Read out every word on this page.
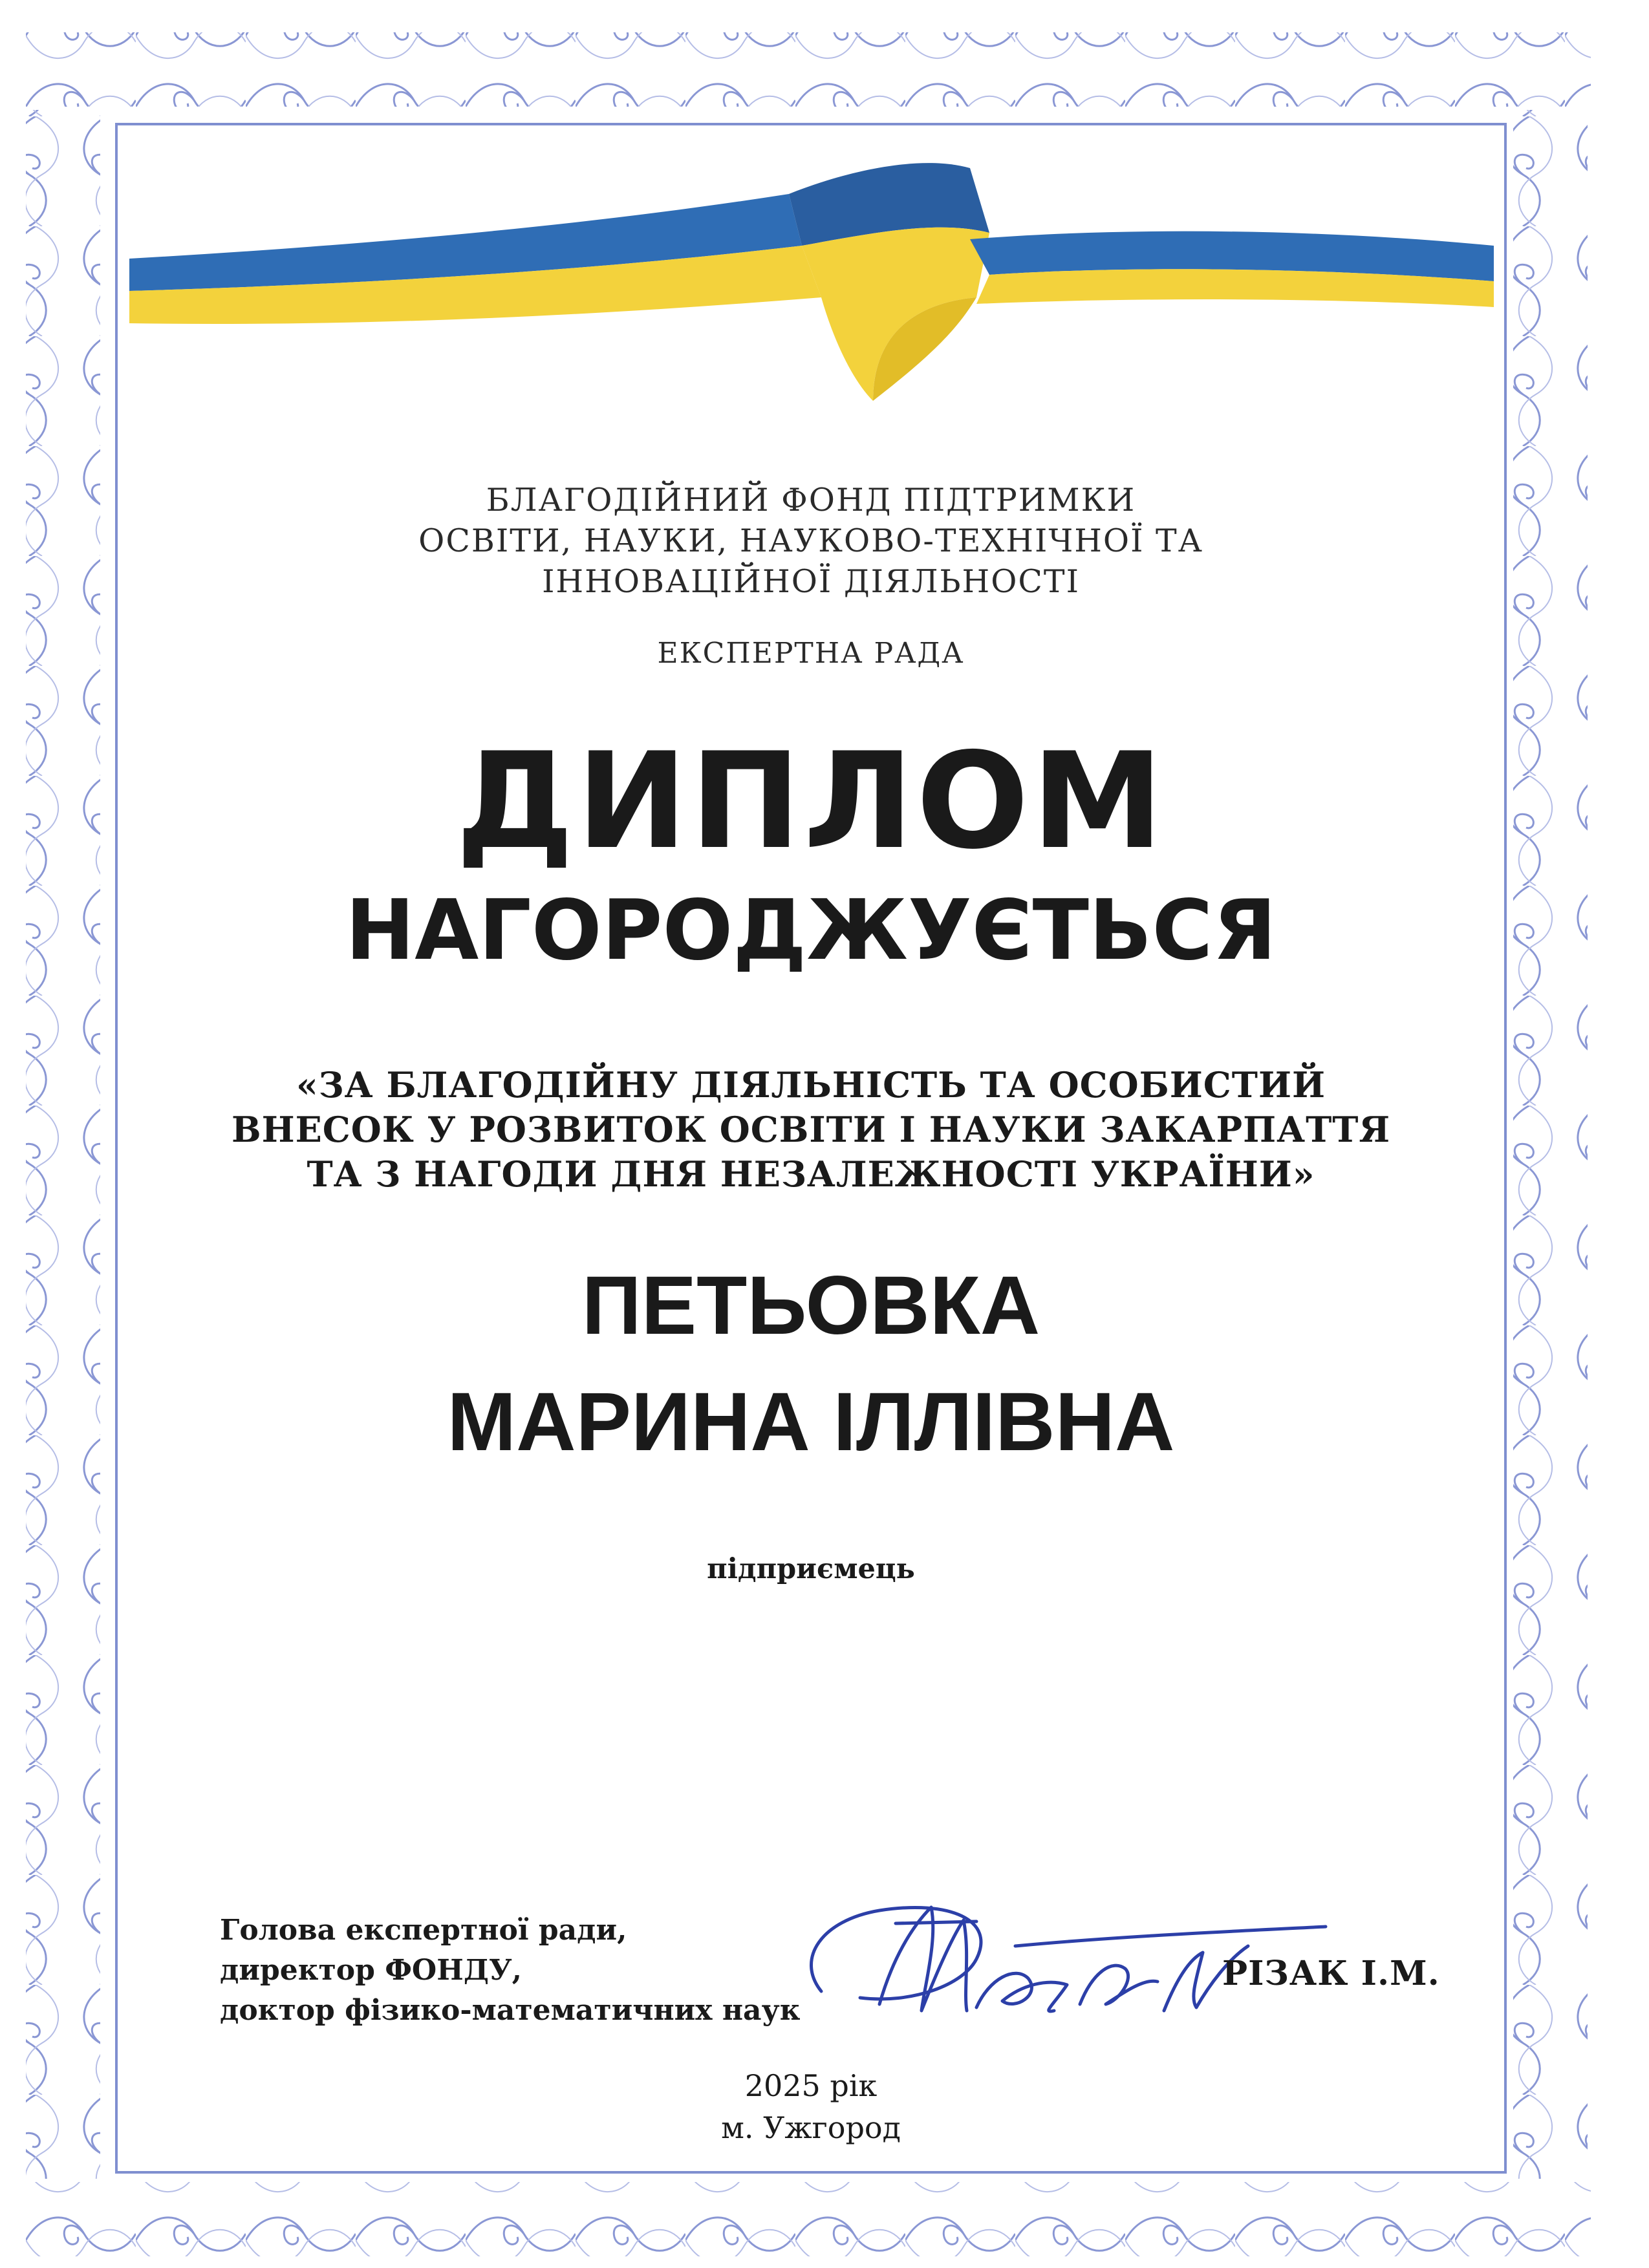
БЛАГОДІЙНИЙ ФОНД ПІДТРИМКИ
ОСВІТИ, НАУКИ, НАУКОВО-ТЕХНІЧНОЇ ТА
ІННОВАЦІЙНОЇ ДІЯЛЬНОСТІ
ЕКСПЕРТНА РАДА
ДИПЛОМ
НАГОРОДЖУЄТЬСЯ
«ЗА БЛАГОДІЙНУ ДІЯЛЬНІСТЬ ТА ОСОБИСТИЙ
ВНЕСОК У РОЗВИТОК ОСВІТИ І НАУКИ ЗАКАРПАТТЯ
ТА З НАГОДИ ДНЯ НЕЗАЛЕЖНОСТІ УКРАЇНИ»
ПЕТЬОВКА
МАРИНА ІЛЛІВНА
підприємець
Голова експертної ради,
директор ФОНДУ,
доктор фізико-математичних наук
РІЗАК І.М.
2025 рік
м. Ужгород
